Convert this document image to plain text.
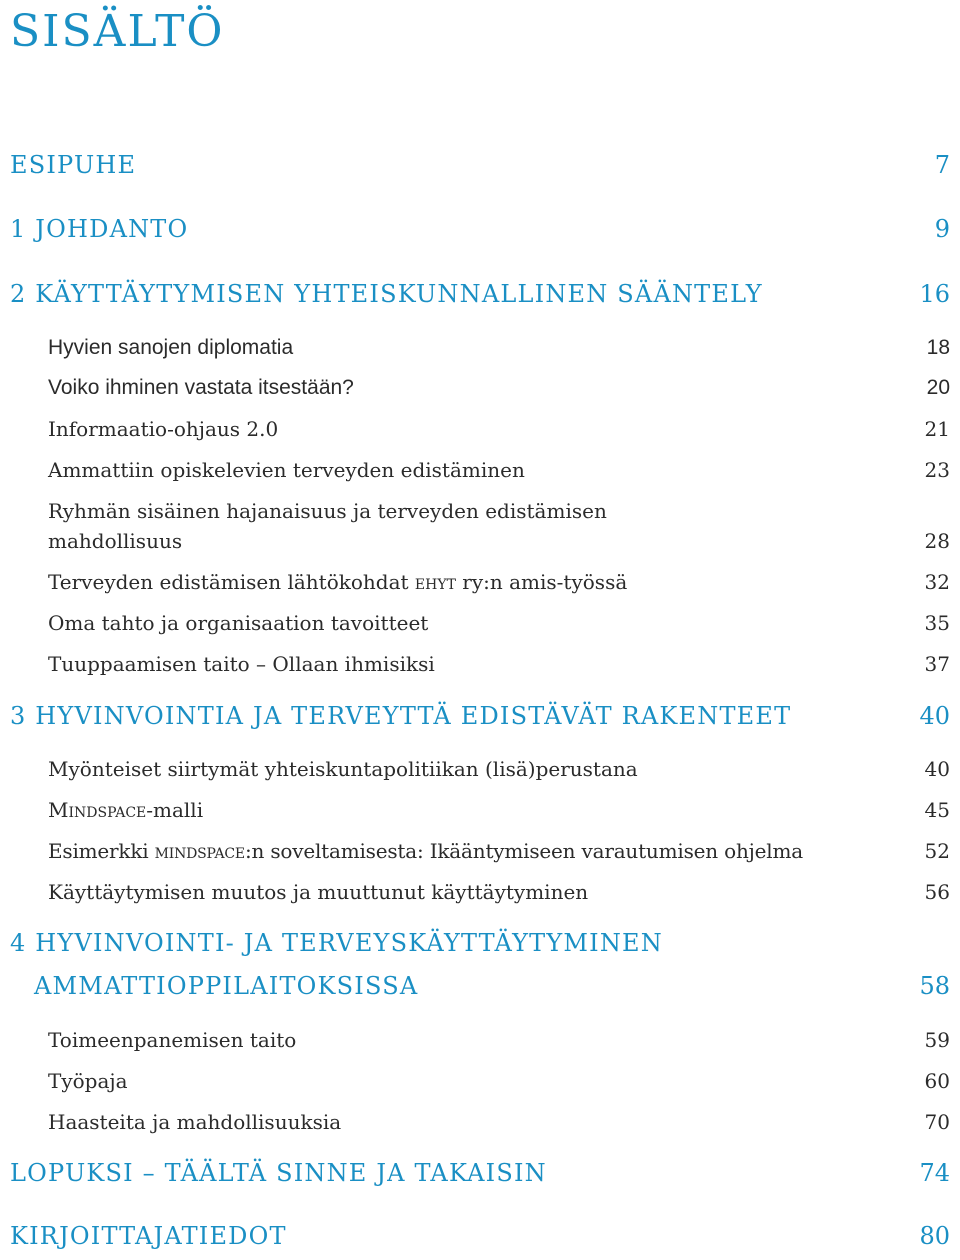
SISÄLTÖ
ESIPUHE	7
1 JOHDANTO	9
2 KÄYTTÄYTYMISEN YHTEISKUNNALLINEN SÄÄNTELY	16
Hyvien sanojen diplomatia	18
Voiko ihminen vastata itsestään?	20
Informaatio-ohjaus 2.0	21
Ammattiin opiskelevien terveyden edistäminen	23
Ryhmän sisäinen hajanaisuus ja terveyden edistämisen
mahdollisuus	28
Terveyden edistämisen lähtökohdat ehyt ry:n amis-työssä	32
Oma tahto ja organisaation tavoitteet	35
Tuuppaamisen taito – Ollaan ihmisiksi	37
3 HYVINVOINTIA JA TERVEYTTÄ EDISTÄVÄT RAKENTEET	40
Myönteiset siirtymät yhteiskuntapolitiikan (lisä)perustana	40
Mindspace-malli	45
Esimerkki mindspace:n soveltamisesta: Ikääntymiseen varautumisen ohjelma	52
Käyttäytymisen muutos ja muuttunut käyttäytyminen	56
4 HYVINVOINTI- JA TERVEYSKÄYTTÄYTYMINEN
AMMATTIOPPILAITOKSISSA	58
Toimeenpanemisen taito	59
Työpaja	60
Haasteita ja mahdollisuuksia	70
LOPUKSI – TÄÄLTÄ SINNE JA TAKAISIN	74
KIRJOITTAJATIEDOT	80
